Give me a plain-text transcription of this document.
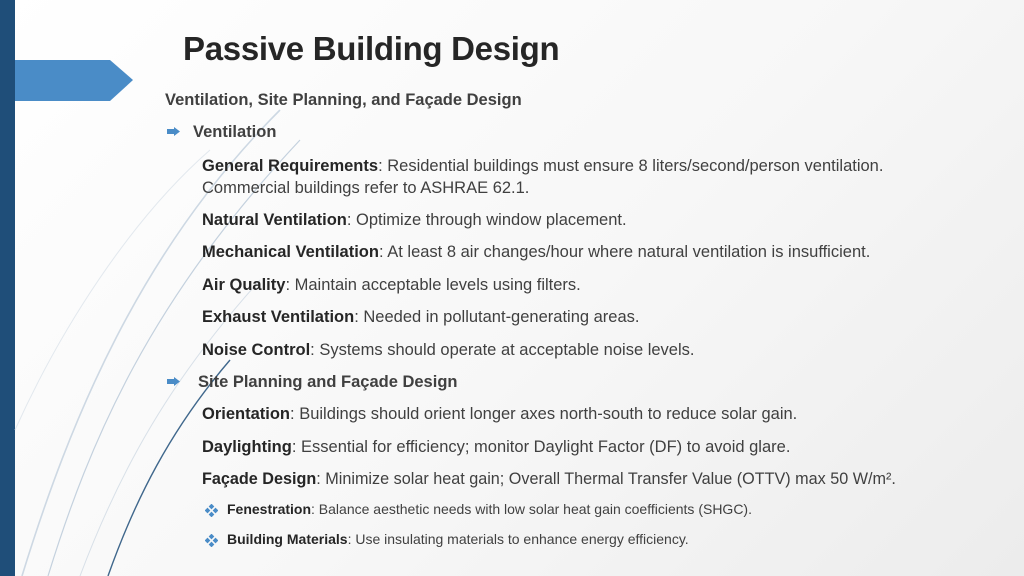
Passive Building Design
Ventilation, Site Planning, and Façade Design
Ventilation
General Requirements: Residential buildings must ensure 8 liters/second/person ventilation.
Commercial buildings refer to ASHRAE 62.1.
Natural Ventilation: Optimize through window placement.
Mechanical Ventilation: At least 8 air changes/hour where natural ventilation is insufficient.
Air Quality: Maintain acceptable levels using filters.
Exhaust Ventilation: Needed in pollutant-generating areas.
Noise Control: Systems should operate at acceptable noise levels.
Site Planning and Façade Design
Orientation: Buildings should orient longer axes north-south to reduce solar gain.
Daylighting: Essential for efficiency; monitor Daylight Factor (DF) to avoid glare.
Façade Design: Minimize solar heat gain; Overall Thermal Transfer Value (OTTV) max 50 W/m².
Fenestration: Balance aesthetic needs with low solar heat gain coefficients (SHGC).
Building Materials: Use insulating materials to enhance energy efficiency.
